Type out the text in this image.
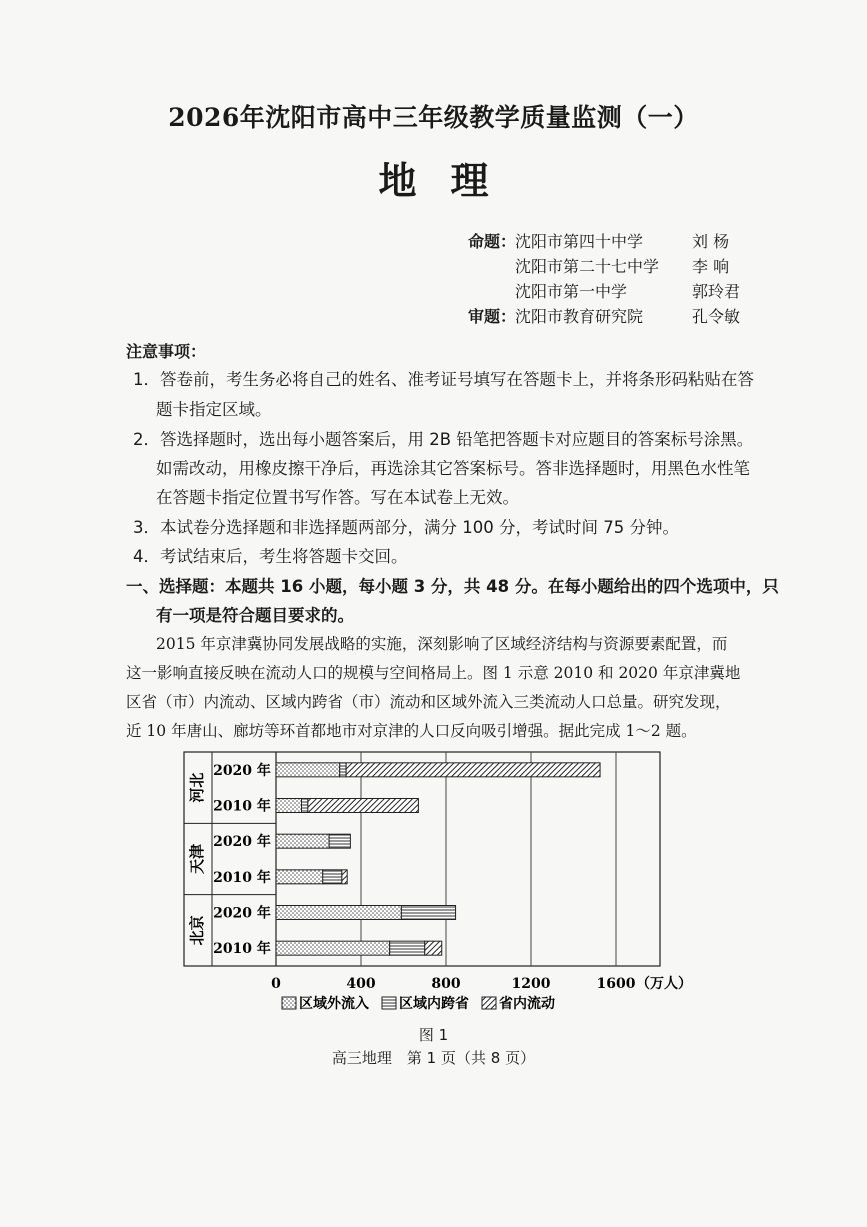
2026年沈阳市高中三年级教学质量监测（一）
地理
命题：
沈阳市第四十中学	刘 杨
沈阳市第二十七中学 李 响
沈阳市第一中学	郭玲君
审题：
沈阳市教育研究院	孔令敏
注意事项：
1．答卷前，考生务必将自己的姓名、准考证号填写在答题卡上，并将条形码粘贴在答
题卡指定区域。
2．答选择题时，选出每小题答案后，用 2B 铅笔把答题卡对应题目的答案标号涂黑。
如需改动，用橡皮擦干净后，再选涂其它答案标号。答非选择题时，用黑色水性笔
在答题卡指定位置书写作答。写在本试卷上无效。
3．本试卷分选择题和非选择题两部分，满分 100 分，考试时间 75 分钟。
4．考试结束后，考生将答题卡交回。
一、选择题：本题共 16 小题，每小题 3 分，共 48 分。在每小题给出的四个选项中，只
有一项是符合题目要求的。
2015 年京津冀协同发展战略的实施，深刻影响了区域经济结构与资源要素配置，而
这一影响直接反映在流动人口的规模与空间格局上。图 1 示意 2010 和 2020 年京津冀地
区省（市）内流动、区域内跨省（市）流动和区域外流入三类流动人口总量。研究发现，
近 10 年唐山、廊坊等环首都地市对京津的人口反向吸引增强。据此完成 1～2 题。
河北
2020 年
2010 年
天津
2020 年
2010 年
北京
2020 年
2010 年
0	400	800	1200	1600 （万人）
区域外流入 区域内跨省 省内流动
图 1
高三地理　第 1 页（共 8 页）
